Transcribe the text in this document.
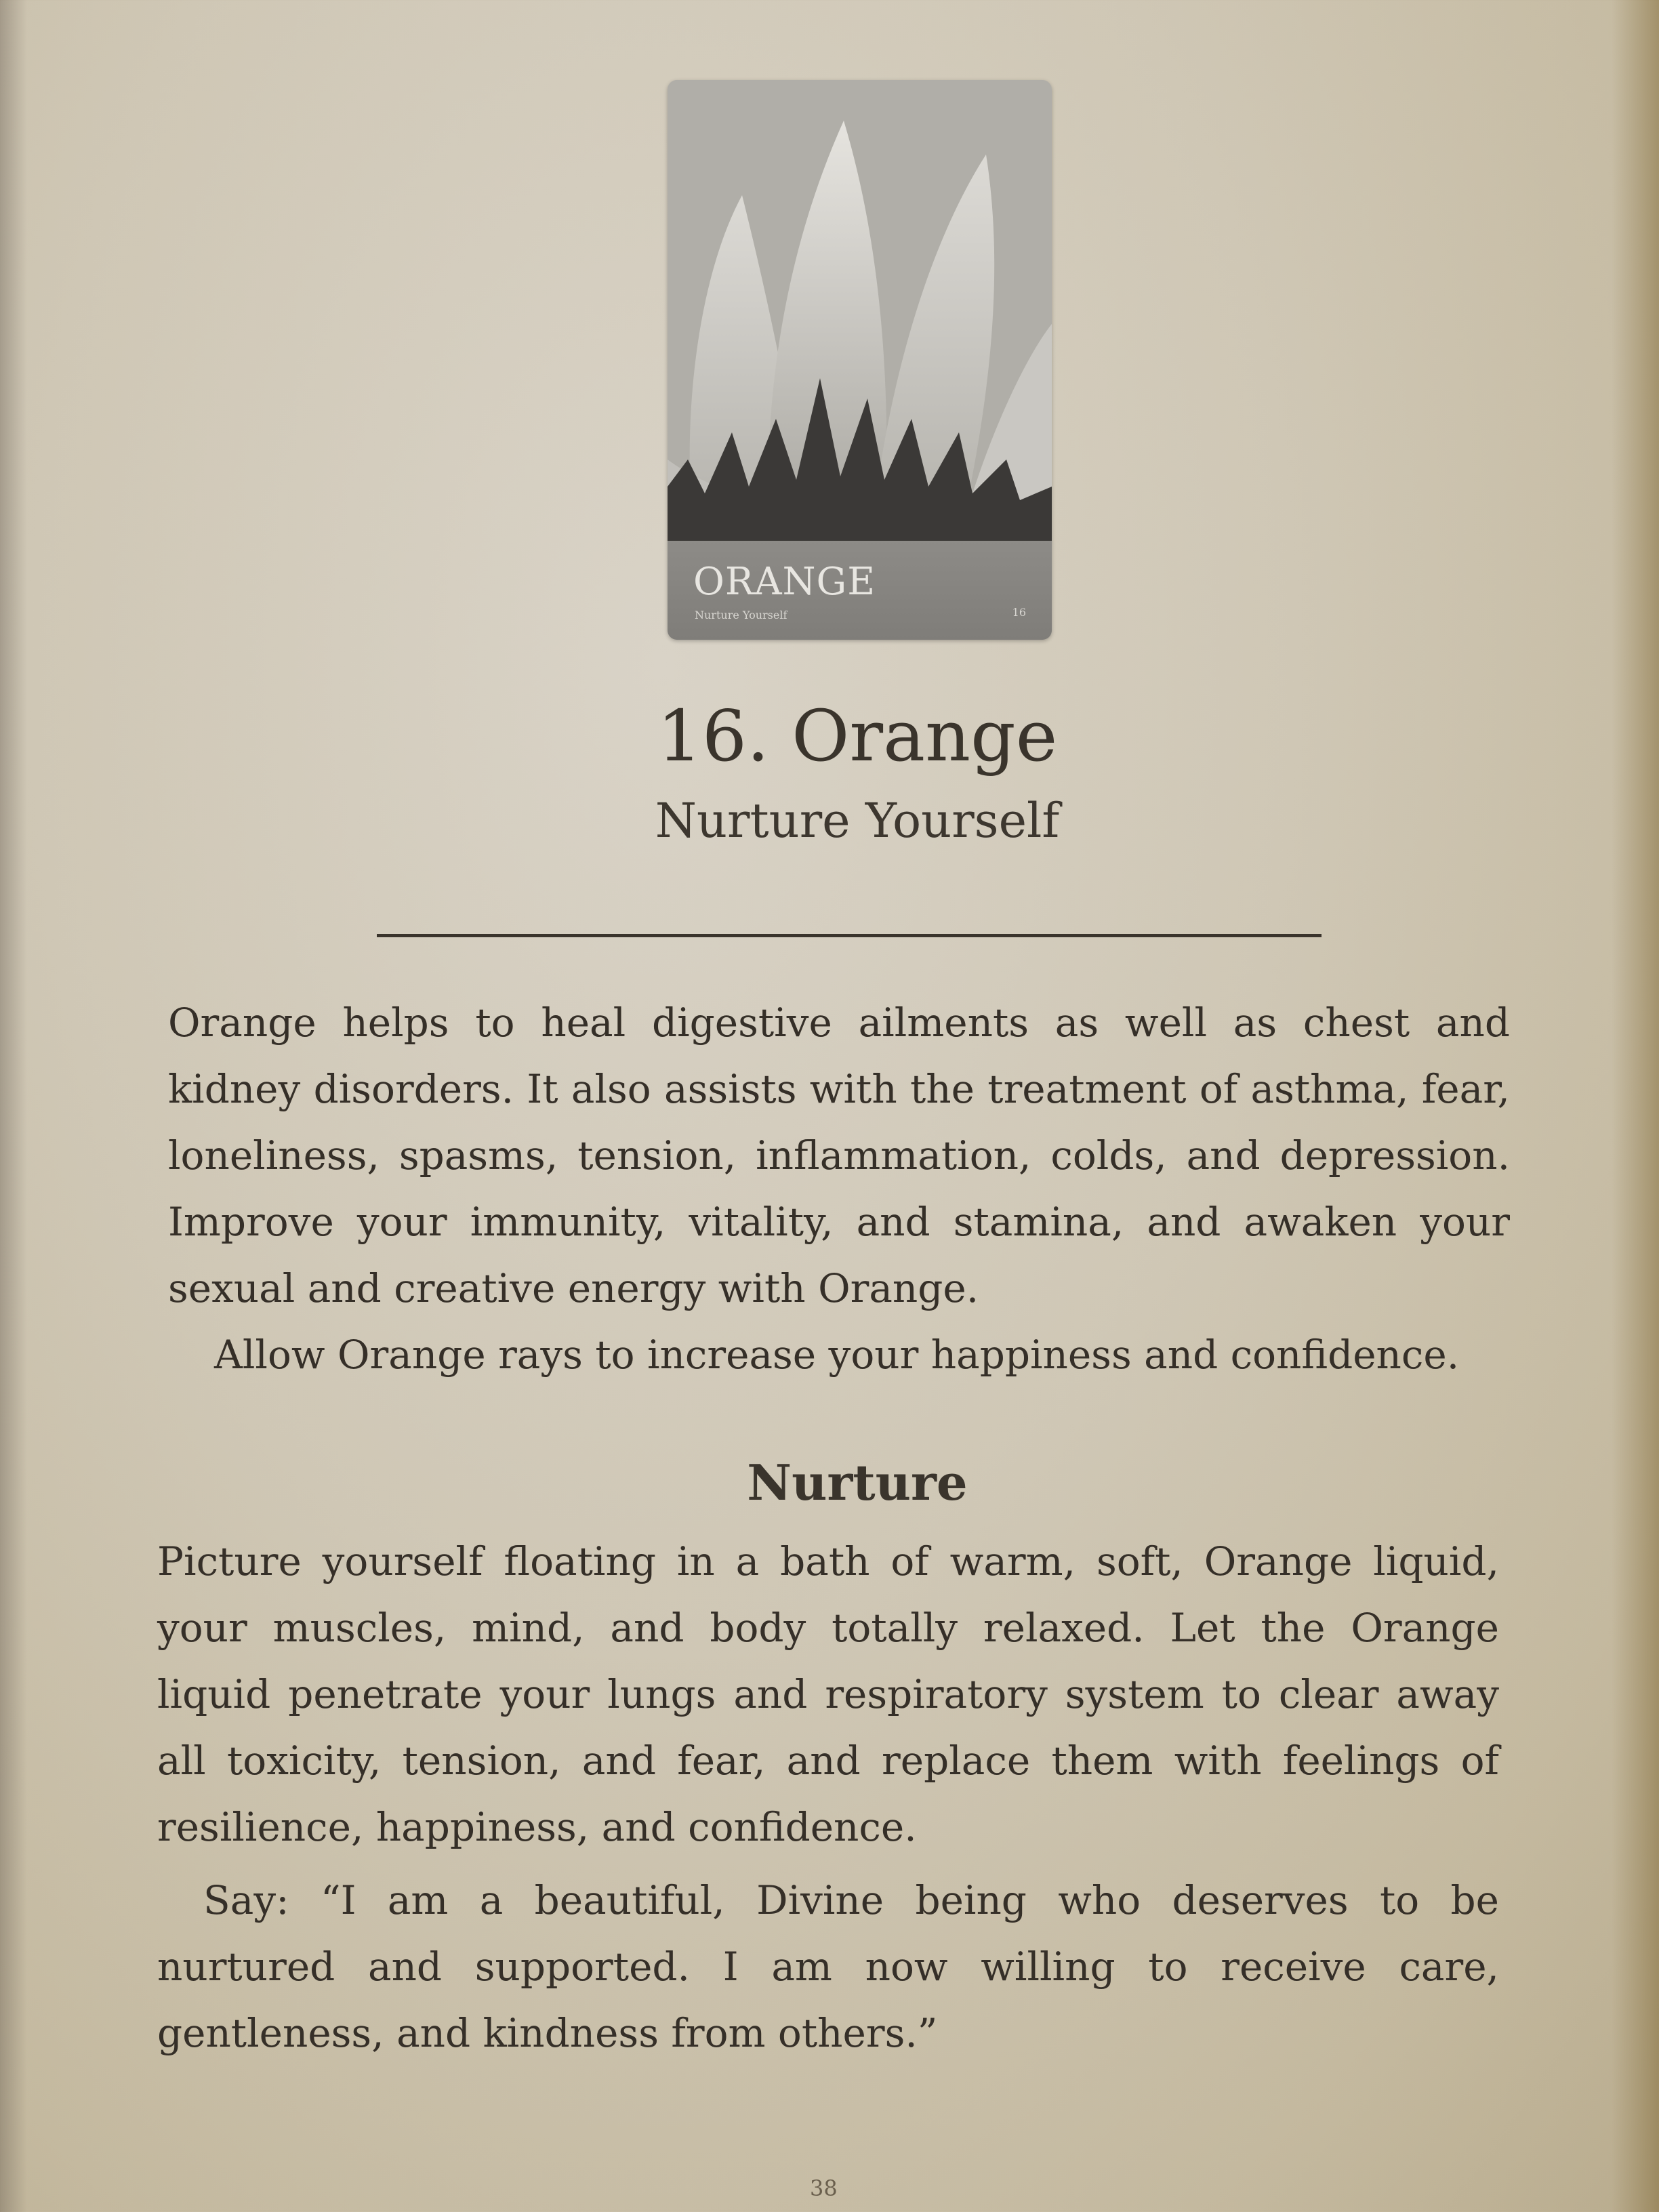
ORANGE
Nurture Yourself	16
16. Orange
Nurture Yourself
Orange helps to heal digestive ailments as well as chest and kidney disorders. It also assists with the treatment of asthma, fear, loneliness, spasms, tension, inflammation, colds, and depression. Improve your immunity, vitality, and stamina, and awaken your sexual and creative energy with Orange.
Allow Orange rays to increase your happiness and confidence.
Nurture
Picture yourself floating in a bath of warm, soft, Orange liquid, your muscles, mind, and body totally relaxed. Let the Orange liquid penetrate your lungs and respiratory system to clear away all toxicity, tension, and fear, and replace them with feelings of resilience, happiness, and confidence.
Say: “I am a beautiful, Divine being who deserves to be nurtured and supported. I am now willing to receive care, gentleness, and kindness from others.”
38
